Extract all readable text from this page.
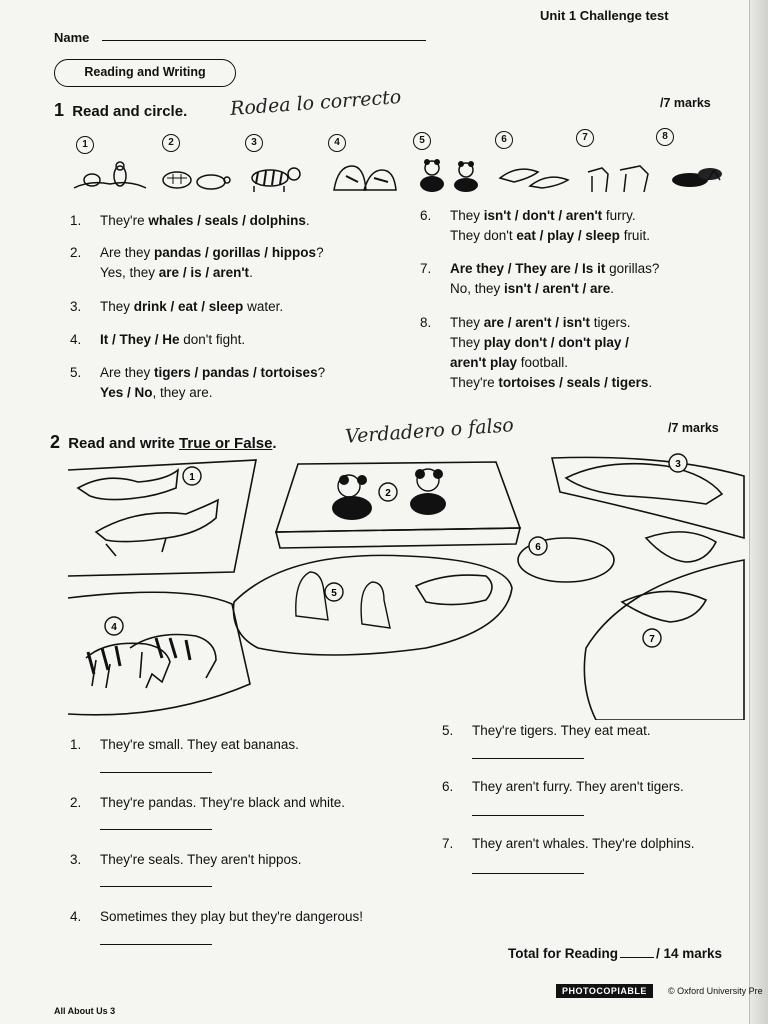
Unit 1 Challenge test
Name
Reading and Writing
1 Read and circle. Rodea lo correcto	/7 marks
1	2	3	4	5	6	7	8
1. They're whales / seals / dolphins.
2. Are they pandas / gorillas / hippos?
Yes, they are / is / aren't.
3. They drink / eat / sleep water.
4. It / They / He don't fight.
5. Are they tigers / pandas / tortoises?
Yes / No, they are.
6. They isn't / don't / aren't furry.
They don't eat / play / sleep fruit.
7. Are they / They are / Is it gorillas?
No, they isn't / aren't / are.
8. They are / aren't / isn't tigers.
They play don't / don't play /
aren't play football.
They're tortoises / seals / tigers.
2 Read and write True or False.	Verdadero o falso	/7 marks
1
2
3
4
5
6
7
1. They're small. They eat bananas.
2. They're pandas. They're black and white.
3. They're seals. They aren't hippos.
4. Sometimes they play but they're dangerous!
5. They're tigers. They eat meat.
6. They aren't furry. They aren't tigers.
7. They aren't whales. They're dolphins.
Total for Reading	/ 14 marks
PHOTOCOPIABLE	© Oxford University Pre
All About Us 3
